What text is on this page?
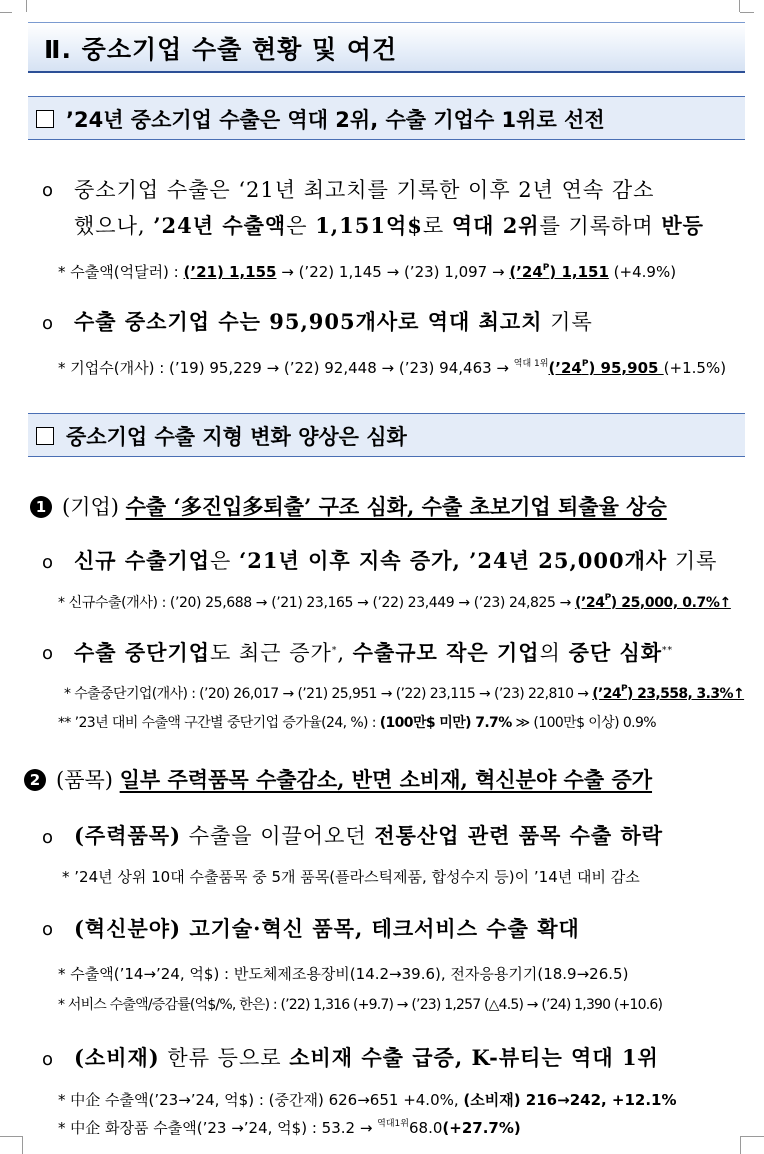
Ⅱ. 중소기업 수출 현황 및 여건
’24년 중소기업 수출은 역대 2위, 수출 기업수 1위로 선전
o 중소기업 수출은 ‘21년 최고치를 기록한 이후 2년 연속 감소
했으나, ’24년 수출액은 1,151억$로 역대 2위를 기록하며 반등
* 수출액(억달러) : (’21) 1,155 → (’22) 1,145 → (’23) $1,097 \to (’24^P)$ 1,151 (+4.9%)
o 수출 중소기업 수는 95,905개사로 역대 최고치 기록
* 기업수(개사) : (’19) 95,229 → (’22) 92,448 → (’23) $94,463 \to ^{역대 1위}(’24^P)$ 95,905 (+1.5%)
중소기업 수출 지형 변화 양상은 심화
1 (기업) 수출 ‘多진입多퇴출’ 구조 심화, 수출 초보기업 퇴출율 상승
o 신규 수출기업은 ‘21년 이후 지속 증가, ’24년 25,000개사 기록
* 신규수출(개사) : (’20) 25,688 → (’21) 23,165 → (’22) 23,449 → (’23) $24,825 \to (’24^P)$ 25,000, 0.7%↑
o 수출 중단기업도 최근 증가*, 수출규모 작은 기업의 중단 심화**
* 수출중단기업(개사) : (’20) 26,017 → (’21) 25,951 → (’22) 23,115 → (’23) $22,810 \to (’24^P)$ 23,558, 3.3%↑
** ’23년 대비 수출액 구간별 중단기업 증가율(24, %) : (100만$ 미만) 7.7% ≫ (100만$ 이상) 0.9%
2 (품목) 일부 주력품목 수출감소, 반면 소비재, 혁신분야 수출 증가
o (주력품목) 수출을 이끌어오던 전통산업 관련 품목 수출 하락
* ’24년 상위 10대 수출품목 중 5개 품목(플라스틱제품, 합성수지 등)이 ’14년 대비 감소
o (혁신분야) 고기술·혁신 품목, 테크서비스 수출 확대
* 수출액(’14→’24, 억$) : 반도체제조용장비(14.2→39.6), 전자응용기기(18.9→26.5)
* 서비스 수출액/증감률(억$/%, 한은) : (’22) 1,316 (+9.7) → (’23) 1,257 (△4.5) → (’24) 1,390 (+10.6)
o (소비재) 한류 등으로 소비재 수출 급증, K-뷰티는 역대 1위
* 中企 수출액(’23→’24, 억$) : (중간재) 626→651 +4.0%, (소비재) 216→242, +12.1%
* 中企 화장품 수출액(’23 →’24, 억$) : 53.2 → $^{역대1위}$68.0(+27.7%)
